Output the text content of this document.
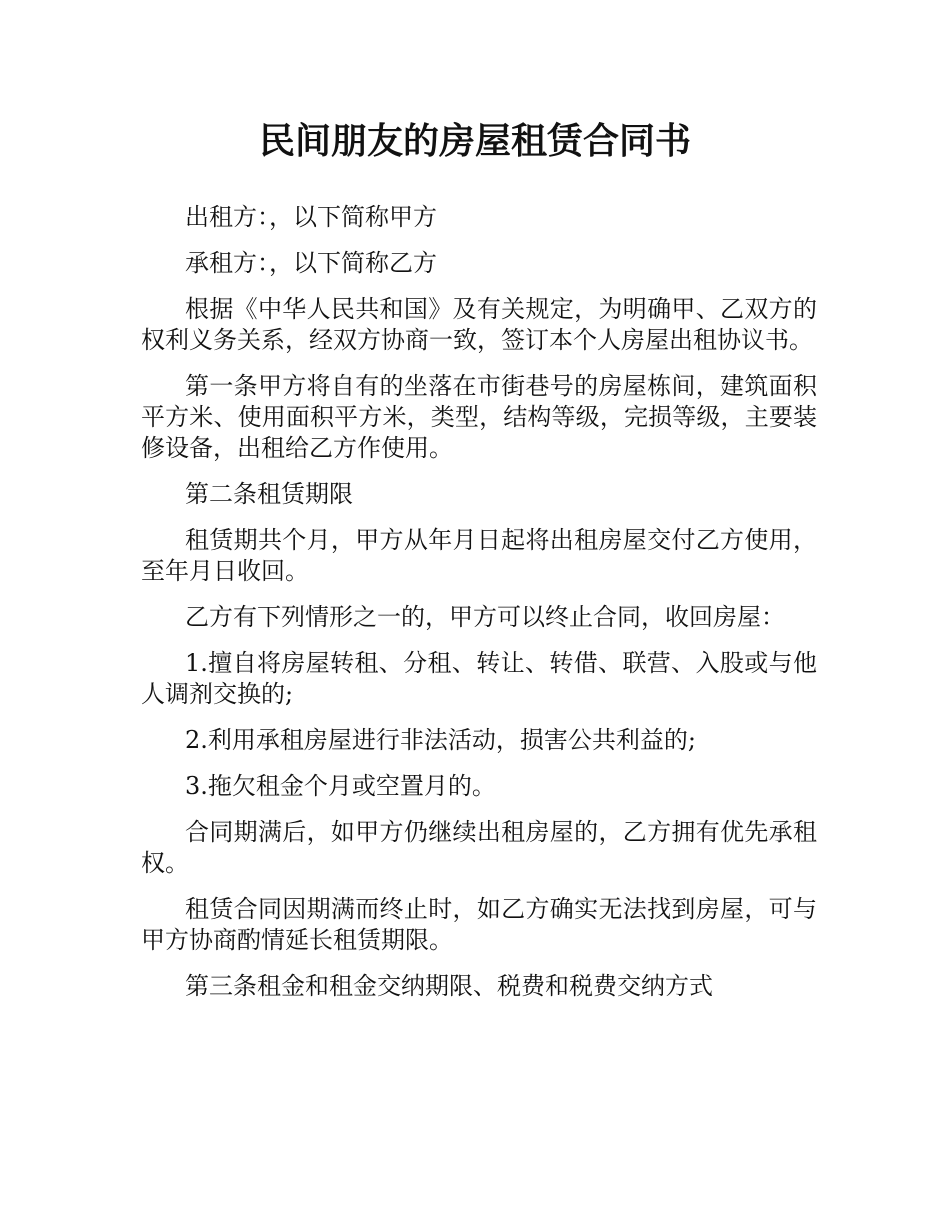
民间朋友的房屋租赁合同书

出租方：，以下简称甲方

承租方：，以下简称乙方

根据《中华人民共和国》及有关规定，为明确甲、乙双方的权利义务关系，经双方协商一致，签订本个人房屋出租协议书。

第一条甲方将自有的坐落在市街巷号的房屋栋间，建筑面积平方米、使用面积平方米，类型，结构等级，完损等级，主要装修设备，出租给乙方作使用。

第二条租赁期限

租赁期共个月，甲方从年月日起将出租房屋交付乙方使用，至年月日收回。

乙方有下列情形之一的，甲方可以终止合同，收回房屋：

1.擅自将房屋转租、分租、转让、转借、联营、入股或与他人调剂交换的;

2.利用承租房屋进行非法活动，损害公共利益的;

3.拖欠租金个月或空置月的。

合同期满后，如甲方仍继续出租房屋的，乙方拥有优先承租权。

租赁合同因期满而终止时，如乙方确实无法找到房屋，可与甲方协商酌情延长租赁期限。

第三条租金和租金交纳期限、税费和税费交纳方式
